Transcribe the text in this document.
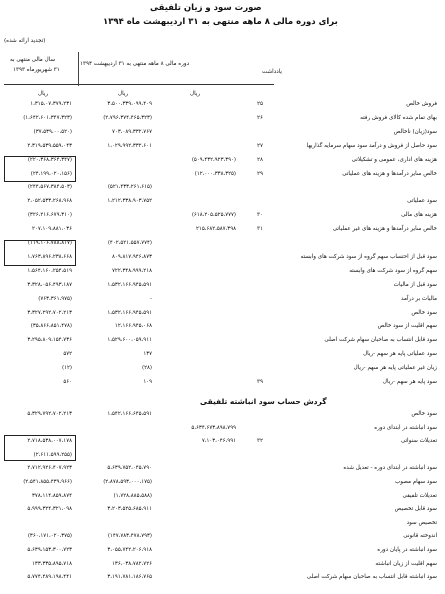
صورت سود و زیان تلفیقی
برای دوره مالی ۸ ماهه منتهی به ۳۱ اردیبهشت ماه ۱۳۹۴
(تجدید ارائه شده)
یادداشت
دوره مالی ۸ ماهه منتهی به ۳۱ اردیبهشت ۱۳۹۴
سال مالی منتهی به
۳۱ شهریورماه ۱۳۹۳
ریال
ریال
ریال
فروش خالص
۲۵
۳،۵۰۰،۳۳۹،۰۹۹،۴۰۹
۱،۳۱۵،۰۷،۳۷۹،۲۳۱
بهای تمام شده کالای فروش رفته
۲۶
(۲،۷۹۶،۳۷۴،۴۶۵،۳۲۳)
(۱،۶۴۲،۶۰۱،۳۴۷،۳۲۳)
سود(زیان) ناخالص
۷۰۳،۰۸۹،۳۳۲،۷۶۷
(۳۷،۵۳۹،۰۰،۵۲۰)
سود حاصل از فروش و درآمد سود سهام سرمایه گذاریها
۲۷
۱،۰۲۹،۹۹۲،۳۳۲،۶۰۱
۲،۳۱۹،۵۳۹،۵۵۹،۰۴۳
هزینه های اداری، عمومی و تشکیلاتی
۲۸
(۵۰۹،۴۳۲،۹۲۳،۳۹۰)
(۲۲۰،۳۶۸،۳۶۴،۳۴۷)
خالص سایر درآمدها و هزینه های عملیاتی
۲۹
(۱۲،۰۰۰،۳۳۸،۳۲۵)
(۲۴،۱۹۹،۰۲۰،۱۵۶)
(۵۲۱،۴۳۳،۲۶۱،۶۱۵)
(۲۴۴،۵۶۷،۳۸۴،۵۰۳)
سود عملیاتی
۱،۲۱۲،۳۳۸،۹۰۳،۷۵۲
۲،۰۵۲،۵۳۳،۲۶۸،۹۶۸
هزینه های مالی
۳۰
(۶۱۸،۲۰۵،۵۲۵،۷۷۷)
(۳۲۶،۲۱۶،۶۷۹،۳۱۰)
خالص سایر درآمدها و هزینه های غیر عملیاتی
۳۱
۲۱۵،۶۸۲،۵۸۷،۳۹۸
۲۰۷،۱۰۹،۸۸۱،۰۳۶
(۴۰۲،۵۲۱،۵۵۷،۷۷۴)
(۱۱۹،۱۰۶،۷۸۸،۸۱۷)
سود قبل از احتساب سهم گروه از سود شرکت های وابسته
۸۰۹،۸۱۷،۹۴۶،۸۷۳
۱،۷۶۳،۸۹۶،۲۳۸،۶۶۸
سهم گروه از سود شرکت های وابسته
۷۲۲،۳۴۸،۹۹۹،۲۱۸
۱،۵۶۴،۱۶۰،۲۵۴،۵۱۹
سود قبل از مالیات
۱،۵۳۲،۱۶۶،۹۴۵،۵۹۱
۳،۳۲۸،۰۵۶،۴۹۳،۱۸۷
مالیات بر درآمد
-
(۷۶۳،۳۶۱،۹۷۵)
سود خالص
۱،۵۳۲،۱۶۶،۹۴۵،۵۹۱
۳،۳۲۷،۲۹۲،۷۰۲،۲۱۳
سهم اقلیت از سود خالص
۱۲،۱۶۶،۹۴۵،۰۶۸
(۳۵،۸۶۶،۸۵۱،۴۷۸)
سود قابل انتساب به صاحبان سهام شرکت اصلی
۱،۵۲۹،۶۰۰،۰۵۹،۹۱۱
۳،۲۹۵،۸۰۹،۱۵۴،۷۳۶
سود عملیاتی پایه هر سهم -ریال
۱۳۷
۵۷۲
زیان غیر عملیاتی پایه هر سهم -ریال
(۲۸)
(۱۲)
سود پایه هر سهم -ریال
۳۹
۱۰۹
۵۶۰
گردش حساب سود انباشته تلفیقی
سود خالص
۱،۵۴۲،۱۶۶،۶۴۵،۵۹۱
۵،۳۲۹،۷۹۲،۷۰۲،۲۱۳
سود انباشته در ابتدای دوره
۵،۶۳۴،۶۷۳،۸۹۸،۷۹۹
تعدیلات سنواتی
۳۲
۷،۱۰۳،۰۴۶،۹۹۱
۲،۷۱۸،۵۳۸،۰۰۷،۱۷۸
(۲،۶۱۱،۵۹۹،۲۵۵)
سود انباشته در ابتدای دوره - تعدیل شده
۵،۶۳۹،۷۵۲،۰۴۵،۷۹۰
۲،۷۱۲،۹۲۶،۴۰۷،۹۲۳
سود سهام مصوب
(۲،۸۷۸،۵۹۳،۰۰۰،۱۷۵)
(۲،۵۴۱،۸۵۵،۴۳۹،۹۶۶)
تعدیلات تلفیقی
(۱،۷۲۸،۸۸۵،۵۸۸)
۳۷۸،۱۱۴،۸۵۹،۸۷۴
سود قابل تخصیص
۳،۲۰۳،۵۲۵،۶۸۵،۹۱۱
۵،۹۹۹،۳۲۴،۳۲۱،۰۹۸
تخصیص سود
اندوخته قانونی
(۱۴۷،۷۸۳،۴۷۸،۷۹۳)
(۳۶۰،۱۷۱،۰۲۰،۳۷۵)
سود انباشته در پایان دوره
۳،۰۵۵،۷۴۲،۲۰۶،۹۱۸
۵،۶۳۹،۱۵۳،۳۰۰،۷۲۳
سهم اقلیت از زیان انباشته
۱۳۶،۰۳۸،۷۸۲،۷۲۶
۱۳۳،۳۳۵،۸۹۵،۷۱۸
سود انباشته قابل انتساب به صاحبان سهام شرکت اصلی
۳،۱۹۱،۷۸۱،۱۸۶،۷۶۵
۵،۷۷۴،۴۸۹،۱۹۸،۴۴۱
